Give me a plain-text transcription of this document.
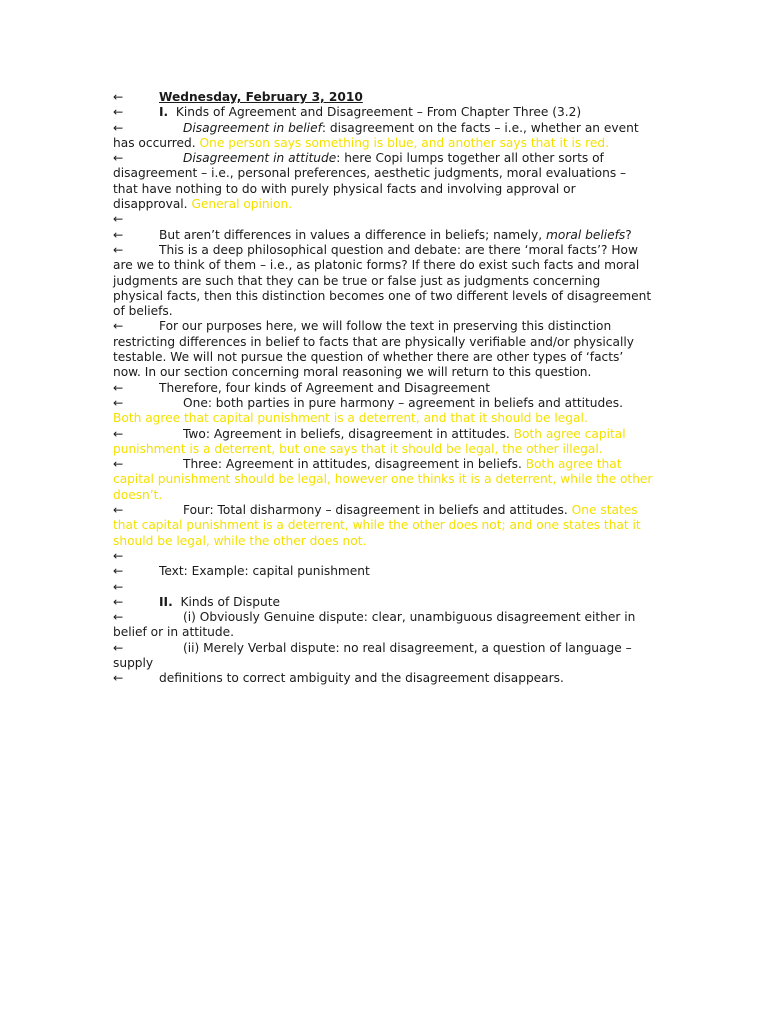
←	Wednesday, February 3, 2010

←	I. Kinds of Agreement and Disagreement – From Chapter Three (3.2)

←	Disagreement in belief: disagreement on the facts – i.e., whether an event has occurred. One person says something is blue, and another says that it is red.

←	Disagreement in attitude: here Copi lumps together all other sorts of disagreement – i.e., personal preferences, aesthetic judgments, moral evaluations – that have nothing to do with purely physical facts and involving approval or disapproval. General opinion.

←

←	But aren’t differences in values a difference in beliefs; namely, moral beliefs?

←	This is a deep philosophical question and debate: are there ‘moral facts’? How are we to think of them – i.e., as platonic forms? If there do exist such facts and moral judgments are such that they can be true or false just as judgments concerning physical facts, then this distinction becomes one of two different levels of disagreement of beliefs.

←	For our purposes here, we will follow the text in preserving this distinction restricting differences in belief to facts that are physically verifiable and/or physically testable. We will not pursue the question of whether there are other types of ‘facts’ now. In our section concerning moral reasoning we will return to this question.

←	Therefore, four kinds of Agreement and Disagreement

←	One: both parties in pure harmony – agreement in beliefs and attitudes. Both agree that capital punishment is a deterrent, and that it should be legal.

←	Two: Agreement in beliefs, disagreement in attitudes. Both agree capital punishment is a deterrent, but one says that it should be legal, the other illegal.

←	Three: Agreement in attitudes, disagreement in beliefs. Both agree that capital punishment should be legal, however one thinks it is a deterrent, while the other doesn’t.

←	Four: Total disharmony – disagreement in beliefs and attitudes. One states that capital punishment is a deterrent, while the other does not; and one states that it should be legal, while the other does not.

←

←	Text: Example: capital punishment

←

←	II. Kinds of Dispute

←	(i) Obviously Genuine dispute: clear, unambiguous disagreement either in belief or in attitude.

←	(ii) Merely Verbal dispute: no real disagreement, a question of language – supply

←	definitions to correct ambiguity and the disagreement disappears.
